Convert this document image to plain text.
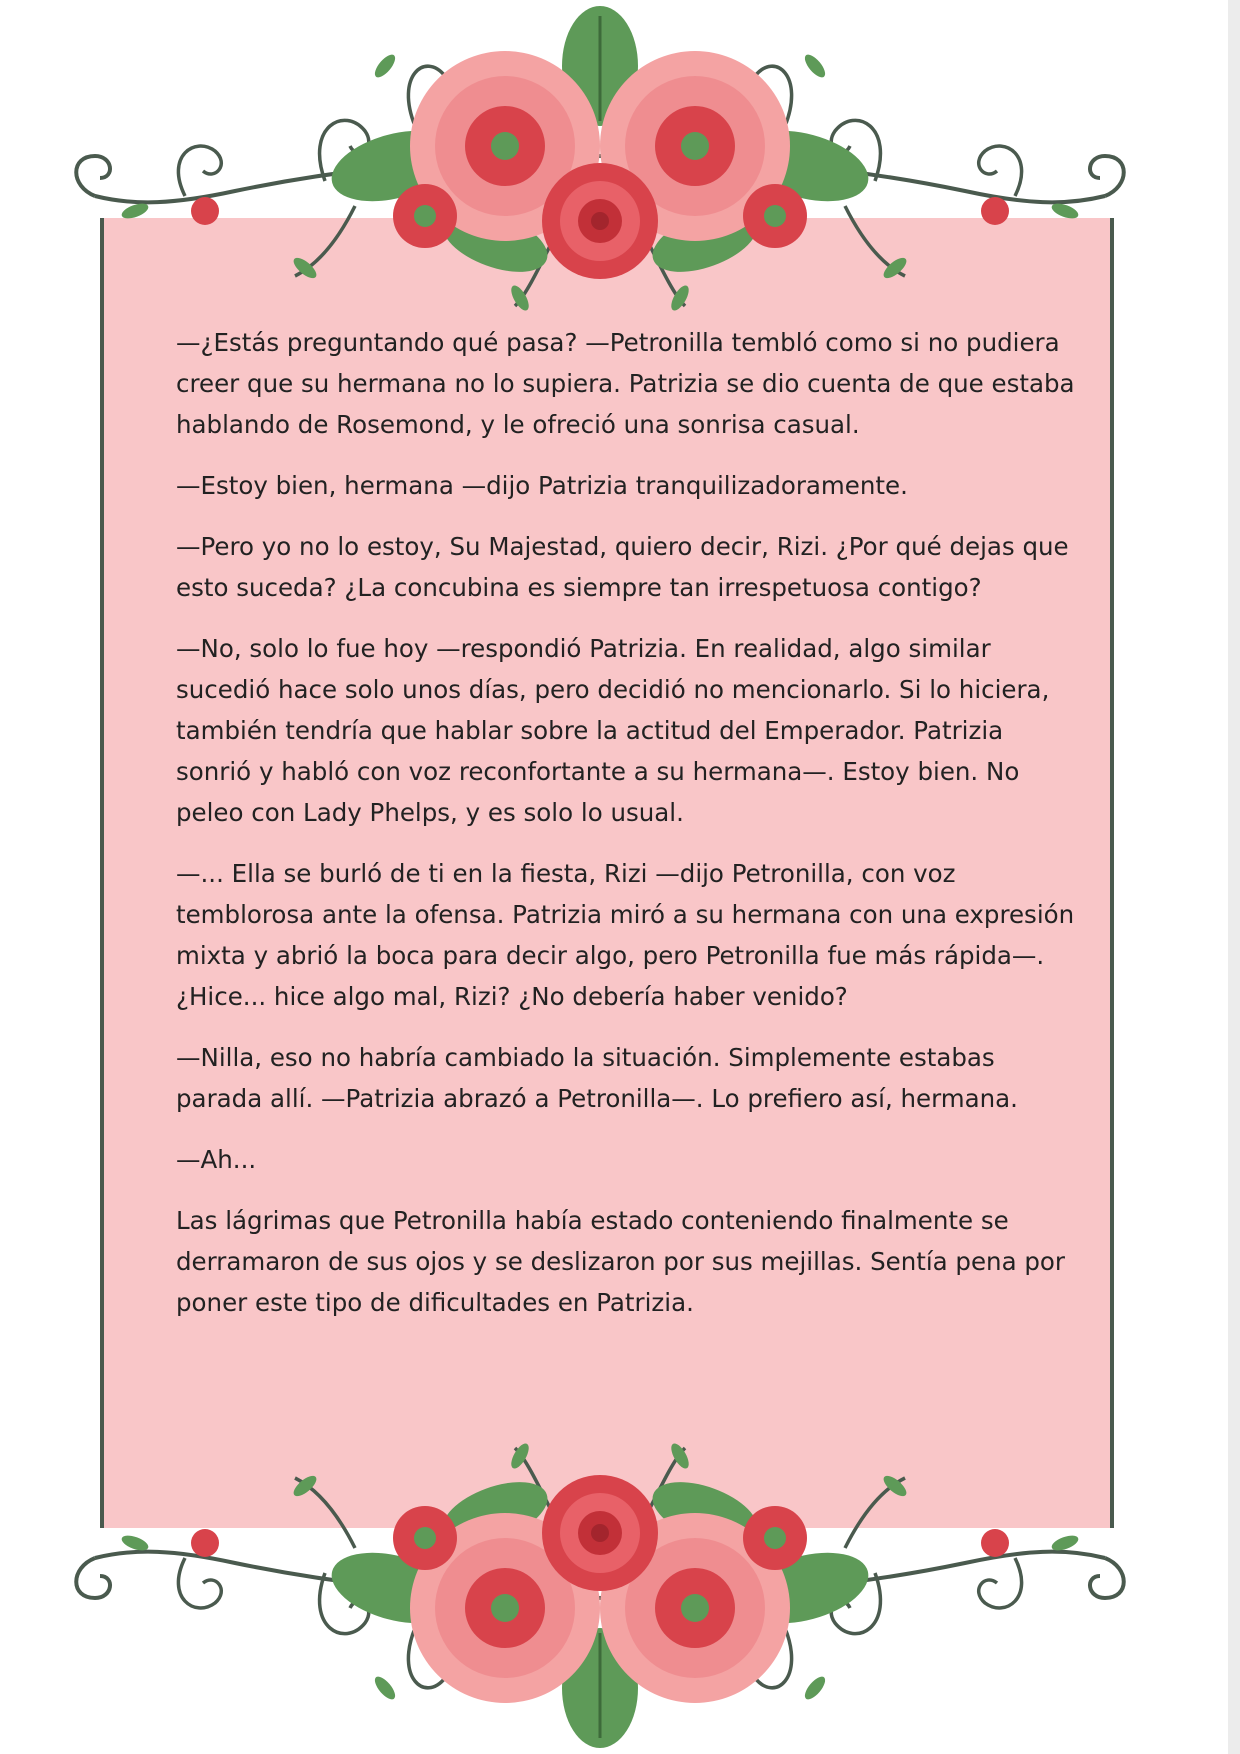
—¿Estás preguntando qué pasa? —Petronilla tembló como si no pudiera creer que su hermana no lo supiera. Patrizia se dio cuenta de que estaba hablando de Rosemond, y le ofreció una sonrisa casual.

—Estoy bien, hermana —dijo Patrizia tranquilizadoramente.

—Pero yo no lo estoy, Su Majestad, quiero decir, Rizi. ¿Por qué dejas que esto suceda? ¿La concubina es siempre tan irrespetuosa contigo?

—No, solo lo fue hoy —respondió Patrizia. En realidad, algo similar sucedió hace solo unos días, pero decidió no mencionarlo. Si lo hiciera, también tendría que hablar sobre la actitud del Emperador. Patrizia sonrió y habló con voz reconfortante a su hermana—. Estoy bien. No peleo con Lady Phelps, y es solo lo usual.

—... Ella se burló de ti en la fiesta, Rizi —dijo Petronilla, con voz temblorosa ante la ofensa. Patrizia miró a su hermana con una expresión mixta y abrió la boca para decir algo, pero Petronilla fue más rápida—. ¿Hice... hice algo mal, Rizi? ¿No debería haber venido?

—Nilla, eso no habría cambiado la situación. Simplemente estabas parada allí. —Patrizia abrazó a Petronilla—. Lo prefiero así, hermana.

—Ah...

Las lágrimas que Petronilla había estado conteniendo finalmente se derramaron de sus ojos y se deslizaron por sus mejillas. Sentía pena por poner este tipo de dificultades en Patrizia.
